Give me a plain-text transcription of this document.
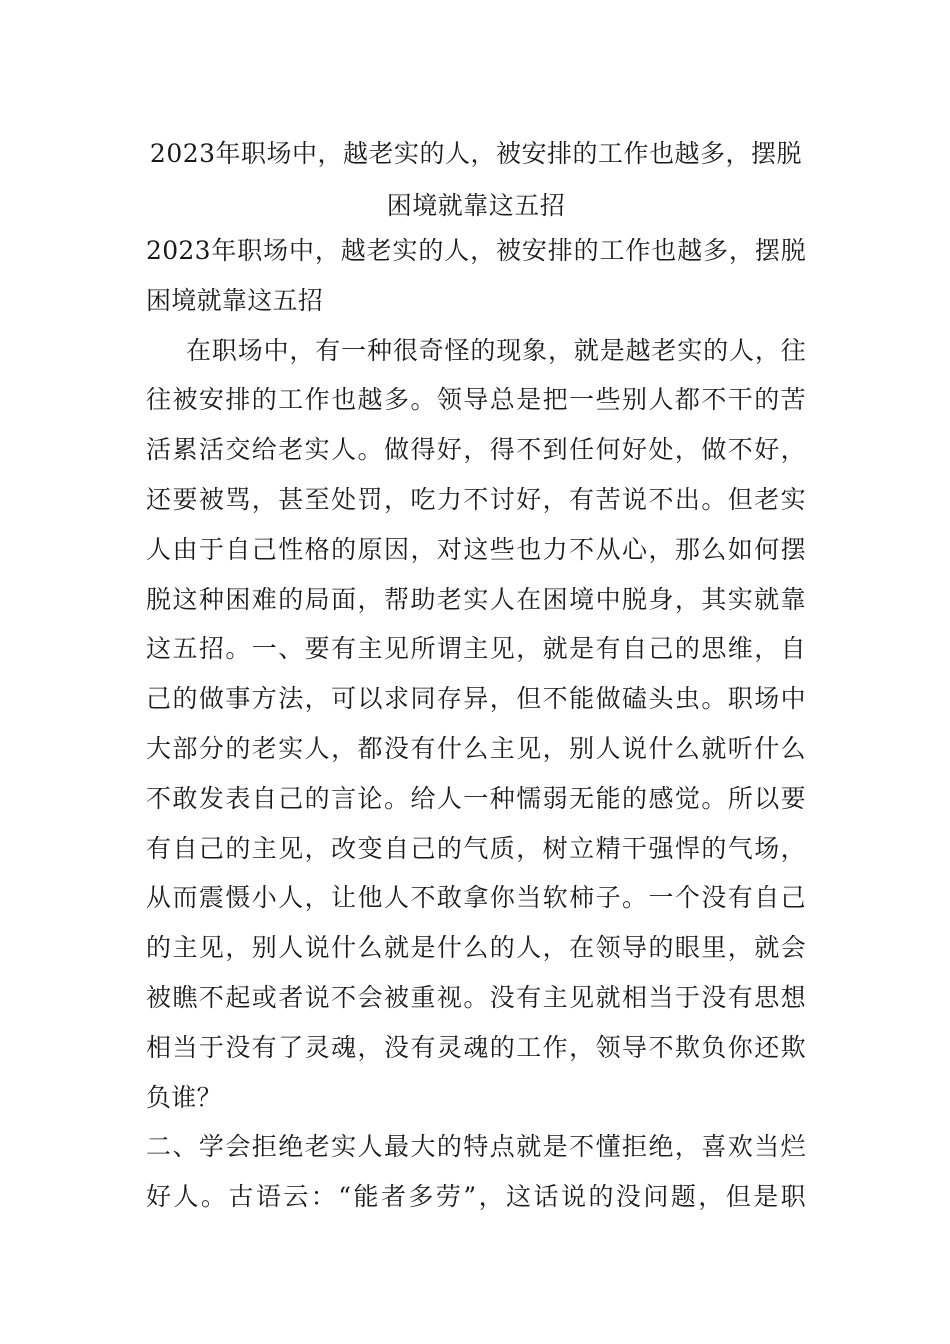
2023年职场中，越老实的人，被安排的工作也越多，摆脱
困境就靠这五招
2023年职场中，越老实的人，被安排的工作也越多，摆脱
困境就靠这五招
在职场中，有一种很奇怪的现象，就是越老实的人，往
往被安排的工作也越多。领导总是把一些别人都不干的苦
活累活交给老实人。做得好，得不到任何好处，做不好，
还要被骂，甚至处罚，吃力不讨好，有苦说不出。但老实
人由于自己性格的原因，对这些也力不从心，那么如何摆
脱这种困难的局面，帮助老实人在困境中脱身，其实就靠
这五招。一、要有主见所谓主见，就是有自己的思维，自
己的做事方法，可以求同存异，但不能做磕头虫。职场中
大部分的老实人，都没有什么主见，别人说什么就听什么
不敢发表自己的言论。给人一种懦弱无能的感觉。所以要
有自己的主见，改变自己的气质，树立精干强悍的气场，
从而震慑小人，让他人不敢拿你当软柿子。一个没有自己
的主见，别人说什么就是什么的人，在领导的眼里，就会
被瞧不起或者说不会被重视。没有主见就相当于没有思想
相当于没有了灵魂，没有灵魂的工作，领导不欺负你还欺
负谁？
二、学会拒绝老实人最大的特点就是不懂拒绝，喜欢当烂
好人。古语云：“能者多劳”，这话说的没问题，但是职
